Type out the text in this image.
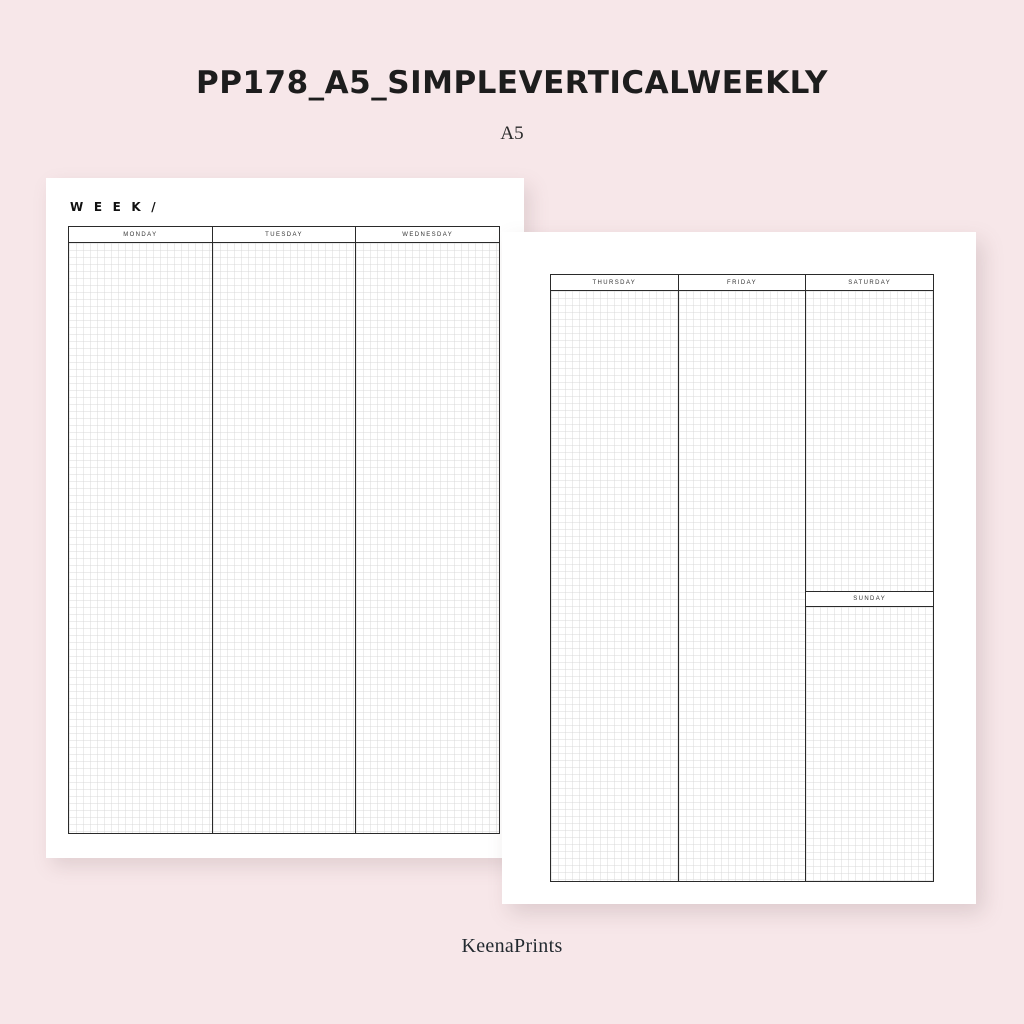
PP178_A5_SIMPLEVERTICALWEEKLY

A5

W E E K /
MONDAY	TUESDAY	WEDNESDAY
THURSDAY	FRIDAY	SATURDAY
SUNDAY
KeenaPrints
